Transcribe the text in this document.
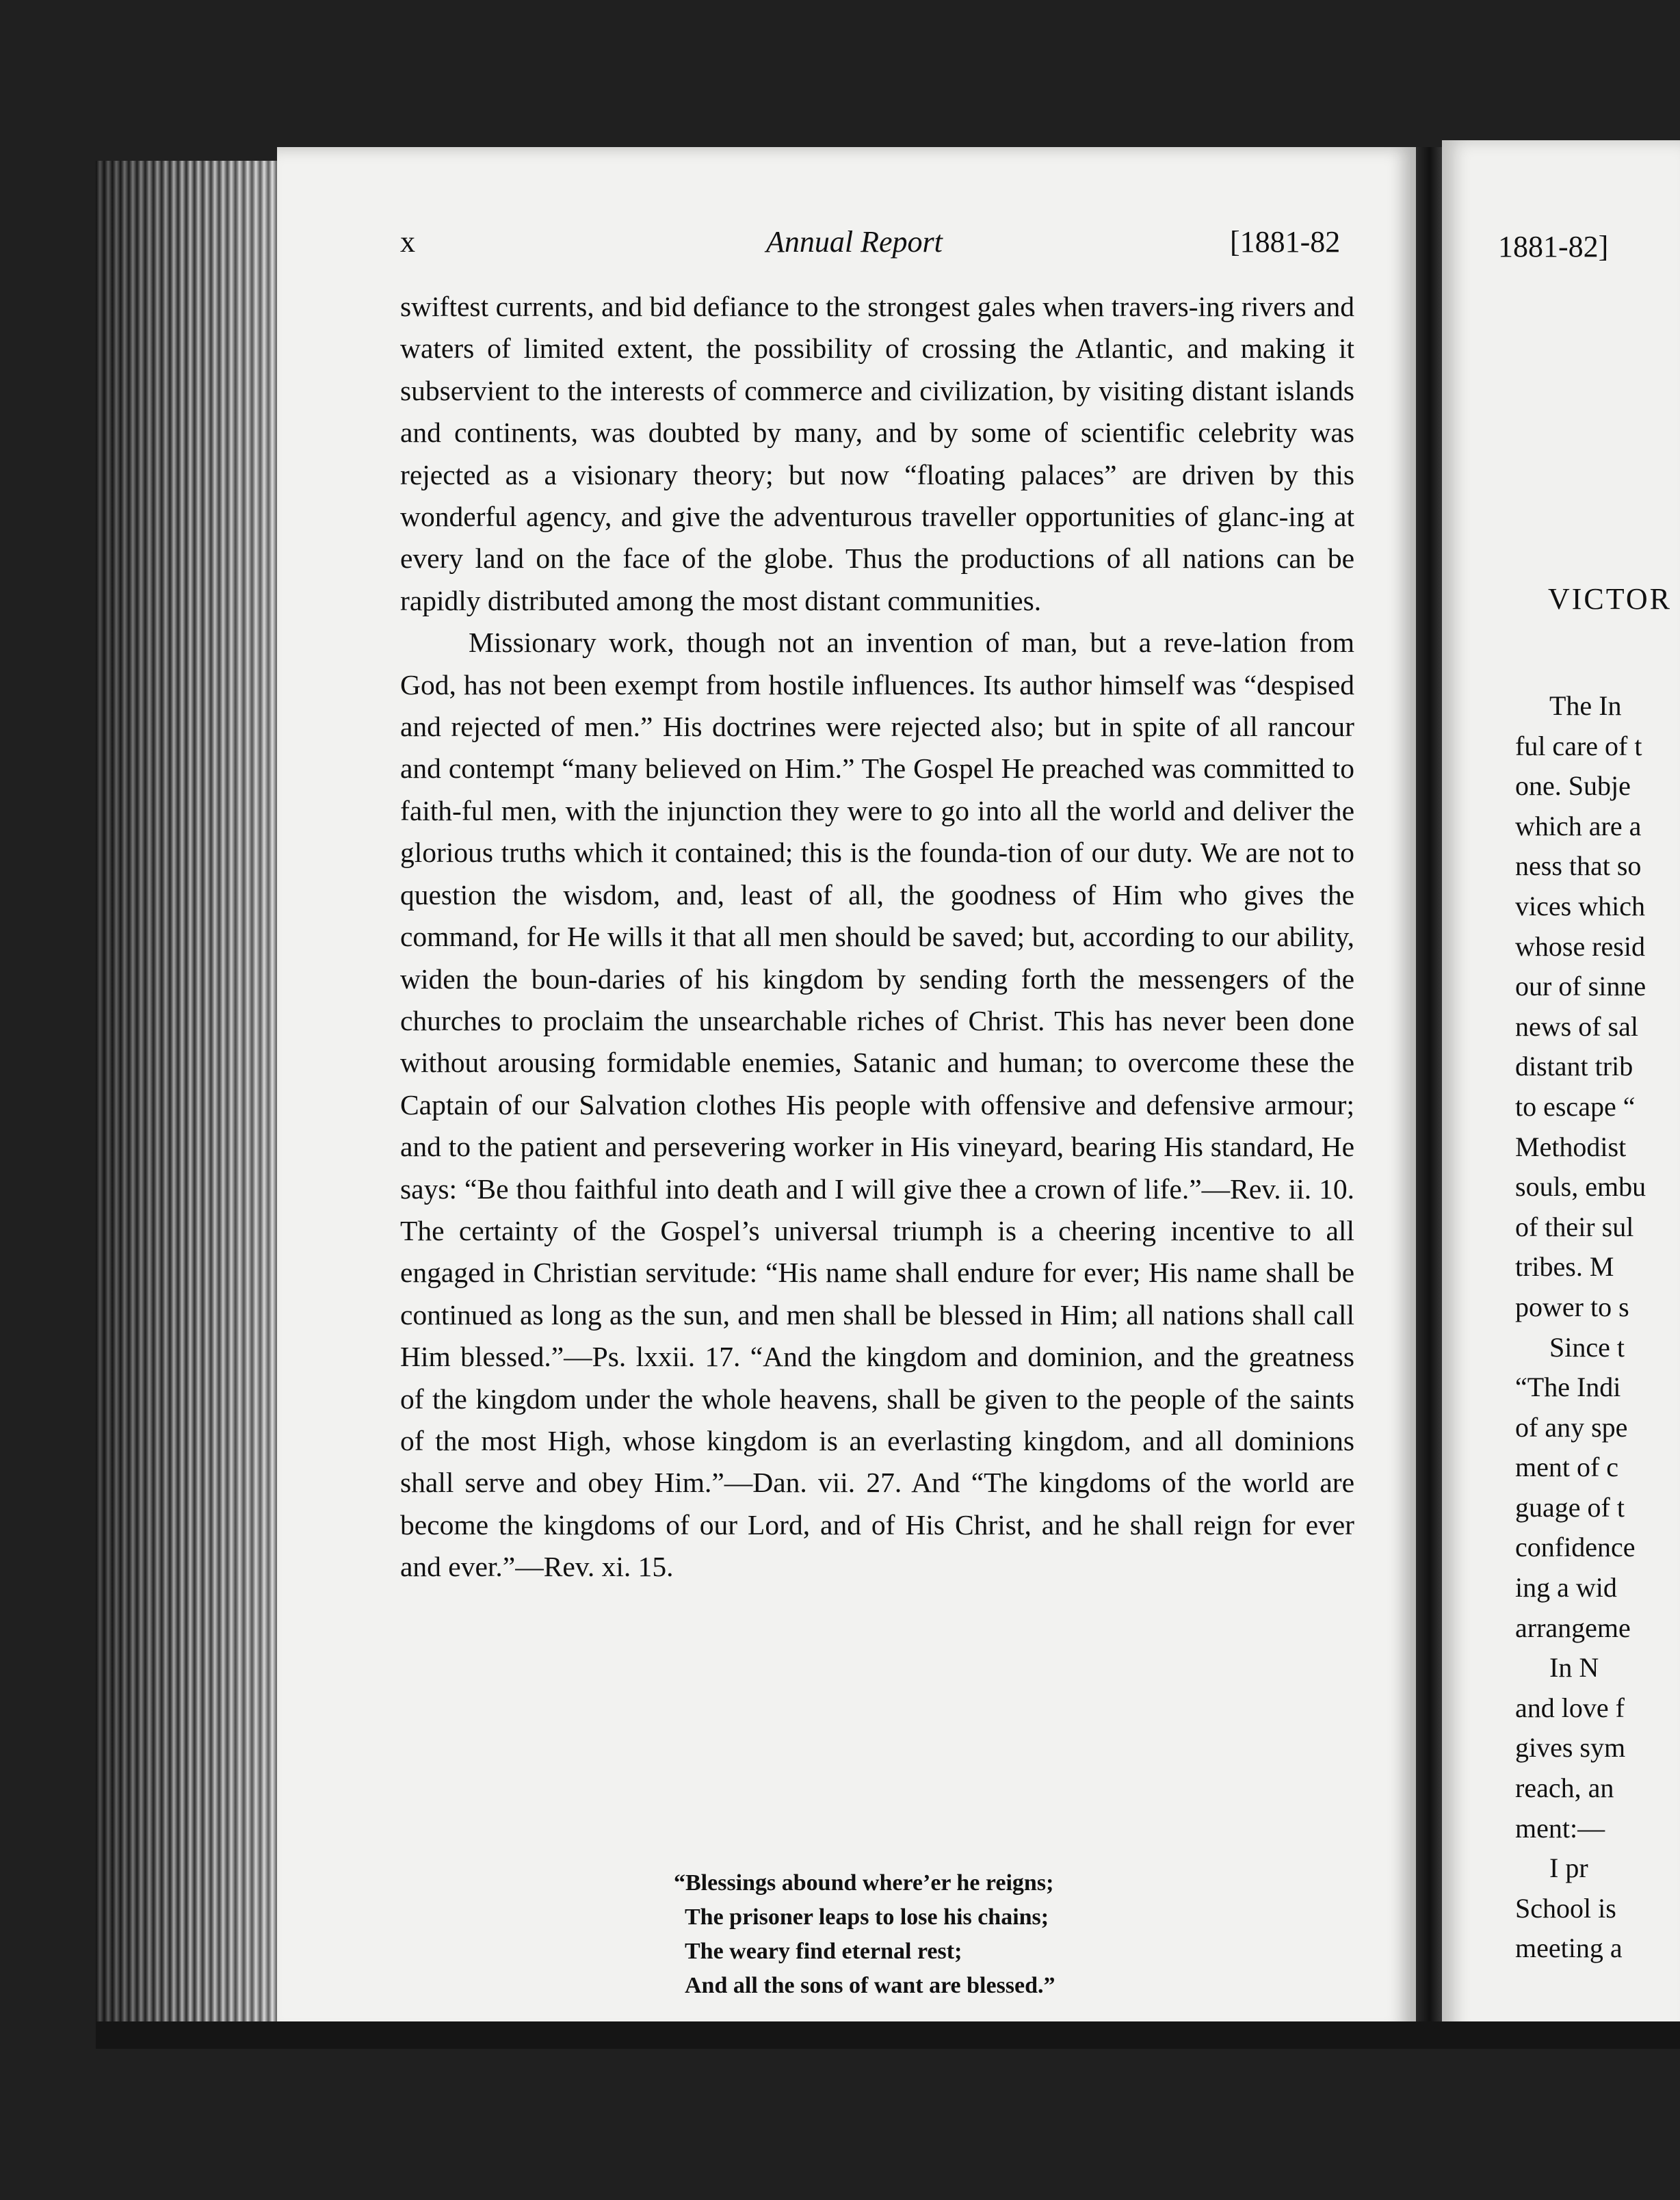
1881-82]
VICTOR
The In
ful care of t
one. Subje
which are a
ness that so
vices which
whose resid
our of sinne
news of sal
distant trib
to escape “
Methodist
souls, embu
of their sul
tribes. M
power to s
Since t
“The Indi
of any spe
ment of c
guage of t
confidence
ing a wid
arrangeme
In N
and love f
gives sym
reach, an
ment:—
I pr
School is
meeting a
x	Annual Report	[1881-82

swiftest currents, and bid defiance to the strongest gales when travers-ing rivers and waters of limited extent, the possibility of crossing the Atlantic, and making it subservient to the interests of commerce and civilization, by visiting distant islands and continents, was doubted by many, and by some of scientific celebrity was rejected as a visionary theory; but now “floating palaces” are driven by this wonderful agency, and give the adventurous traveller opportunities of glanc-ing at every land on the face of the globe. Thus the productions of all nations can be rapidly distributed among the most distant communities.

Missionary work, though not an invention of man, but a reve-lation from God, has not been exempt from hostile influences. Its author himself was “despised and rejected of men.” His doctrines were rejected also; but in spite of all rancour and contempt “many believed on Him.” The Gospel He preached was committed to faith-ful men, with the injunction they were to go into all the world and deliver the glorious truths which it contained; this is the founda-tion of our duty. We are not to question the wisdom, and, least of all, the goodness of Him who gives the command, for He wills it that all men should be saved; but, according to our ability, widen the boun-daries of his kingdom by sending forth the messengers of the churches to proclaim the unsearchable riches of Christ. This has never been done without arousing formidable enemies, Satanic and human; to overcome these the Captain of our Salvation clothes His people with offensive and defensive armour; and to the patient and persevering worker in His vineyard, bearing His standard, He says: “Be thou faithful into death and I will give thee a crown of life.”—Rev. ii. 10. The certainty of the Gospel’s universal triumph is a cheering incentive to all engaged in Christian servitude: “His name shall endure for ever; His name shall be continued as long as the sun, and men shall be blessed in Him; all nations shall call Him blessed.”—Ps. lxxii. 17. “And the kingdom and dominion, and the greatness of the kingdom under the whole heavens, shall be given to the people of the saints of the most High, whose kingdom is an everlasting kingdom, and all dominions shall serve and obey Him.”—Dan. vii. 27. And “The kingdoms of the world are become the kingdoms of our Lord, and of His Christ, and he shall reign for ever and ever.”—Rev. xi. 15.

“Blessings abound where’er he reigns;
The prisoner leaps to lose his chains;
The weary find eternal rest;
And all the sons of want are blessed.”
